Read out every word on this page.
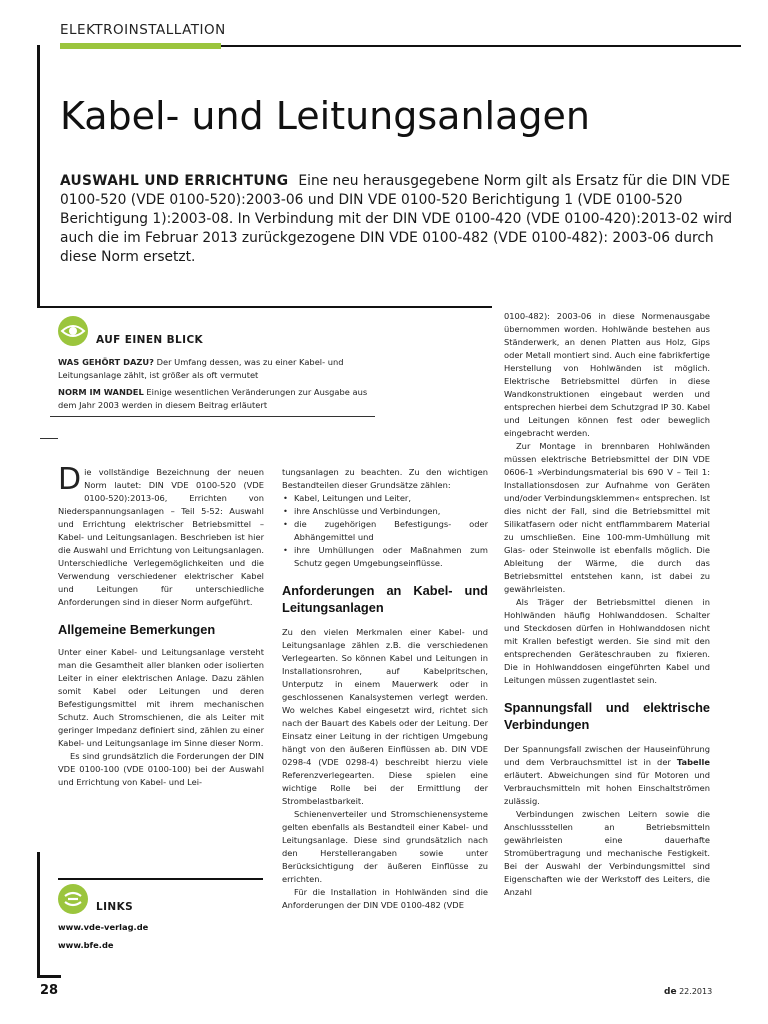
ELEKTROINSTALLATION
Kabel- und Leitungsanlagen
AUSWAHL UND ERRICHTUNG Eine neu herausgegebene Norm gilt als Ersatz für die DIN VDE 0100-520 (VDE 0100-520):2003-06 und DIN VDE 0100-520 Berichtigung 1 (VDE 0100-520 Berichtigung 1):2003-08. In Verbindung mit der DIN VDE 0100-420 (VDE 0100-420):2013-02 wird auch die im Februar 2013 zurückgezogene DIN VDE 0100-482 (VDE 0100-482): 2003-06 durch diese Norm ersetzt.
AUF EINEN BLICK
WAS GEHÖRT DAZU? Der Umfang dessen, was zu einer Kabel- und Leitungsanlage zählt, ist größer als oft vermutet
NORM IM WANDEL Einige wesentlichen Veränderungen zur Ausgabe aus dem Jahr 2003 werden in diesem Beitrag erläutert

Die vollständige Bezeichnung der neuen Norm lautet: DIN VDE 0100-520 (VDE 0100-520):2013-06, Errichten von Niederspannungsanlagen – Teil 5-52: Auswahl und Errichtung elektrischer Betriebsmittel – Kabel- und Leitungsanlagen. Beschrieben ist hier die Auswahl und Errichtung von Leitungsanlagen. Unterschiedliche Verlegemöglichkeiten und die Verwendung verschiedener elektrischer Kabel und Leitungen für unterschiedliche Anforderungen sind in dieser Norm aufgeführt.

Allgemeine Bemerkungen

Unter einer Kabel- und Leitungsanlage versteht man die Gesamtheit aller blanken oder isolierten Leiter in einer elektrischen Anlage. Dazu zählen somit Kabel oder Leitungen und deren Befestigungsmittel mit ihrem mechanischen Schutz. Auch Stromschienen, die als Leiter mit geringer Impedanz definiert sind, zählen zu einer Kabel- und Leitungsanlage im Sinne dieser Norm.

Es sind grundsätzlich die Forderungen der DIN VDE 0100-100 (VDE 0100-100) bei der Auswahl und Errichtung von Kabel- und Lei-

LINKS
www.vde-verlag.de
www.bfe.de

tungsanlagen zu beachten. Zu den wichtigen Bestandteilen dieser Grundsätze zählen:

• Kabel, Leitungen und Leiter,
• ihre Anschlüsse und Verbindungen,
• die zugehörigen Befestigungs- oder Abhängemittel und
• ihre Umhüllungen oder Maßnahmen zum Schutz gegen Umgebungseinflüsse.
Anforderungen an Kabel- und Leitungsanlagen

Zu den vielen Merkmalen einer Kabel- und Leitungsanlage zählen z.B. die verschiedenen Verlegearten. So können Kabel und Leitungen in Installationsrohren, auf Kabelpritschen, Unterputz in einem Mauerwerk oder in geschlossenen Kanalsystemen verlegt werden. Wo welches Kabel eingesetzt wird, richtet sich nach der Bauart des Kabels oder der Leitung. Der Einsatz einer Leitung in der richtigen Umgebung hängt von den äußeren Einflüssen ab. DIN VDE 0298-4 (VDE 0298-4) beschreibt hierzu viele Referenzverlegearten. Diese spielen eine wichtige Rolle bei der Ermittlung der Strombelastbarkeit.

Schienenverteiler und Stromschienensysteme gelten ebenfalls als Bestandteil einer Kabel- und Leitungsanlage. Diese sind grundsätzlich nach den Herstellerangaben sowie unter Berücksichtigung der äußeren Einflüsse zu errichten.

Für die Installation in Hohlwänden sind die Anforderungen der DIN VDE 0100-482 (VDE

0100-482): 2003-06 in diese Normenausgabe übernommen worden. Hohlwände bestehen aus Ständerwerk, an denen Platten aus Holz, Gips oder Metall montiert sind. Auch eine fabrikfertige Herstellung von Hohlwänden ist möglich. Elektrische Betriebsmittel dürfen in diese Wandkonstruktionen eingebaut werden und entsprechen hierbei dem Schutzgrad IP 30. Kabel und Leitungen können fest oder beweglich eingebracht werden.

Zur Montage in brennbaren Hohlwänden müssen elektrische Betriebsmittel der DIN VDE 0606-1 »Verbindungsmaterial bis 690 V – Teil 1: Installationsdosen zur Aufnahme von Geräten und/oder Verbindungsklemmen« entsprechen. Ist dies nicht der Fall, sind die Betriebsmittel mit Silikatfasern oder nicht entflammbarem Material zu umschließen. Eine 100-mm-Umhüllung mit Glas- oder Steinwolle ist ebenfalls möglich. Die Ableitung der Wärme, die durch das Betriebsmittel entstehen kann, ist dabei zu gewährleisten.

Als Träger der Betriebsmittel dienen in Hohlwänden häufig Hohlwanddosen. Schalter und Steckdosen dürfen in Hohlwanddosen nicht mit Krallen befestigt werden. Sie sind mit den entsprechenden Geräteschrauben zu fixieren. Die in Hohlwanddosen eingeführten Kabel und Leitungen müssen zugentlastet sein.

Spannungsfall und elektrische Verbindungen

Der Spannungsfall zwischen der Hauseinführung und dem Verbrauchsmittel ist in der Tabelle erläutert. Abweichungen sind für Motoren und Verbrauchsmitteln mit hohen Einschaltströmen zulässig.

Verbindungen zwischen Leitern sowie die Anschlussstellen an Betriebsmitteln gewährleisten eine dauerhafte Stromübertragung und mechanische Festigkeit. Bei der Auswahl der Verbindungsmittel sind Eigenschaften wie der Werkstoff des Leiters, die Anzahl

28	de 22.2013
